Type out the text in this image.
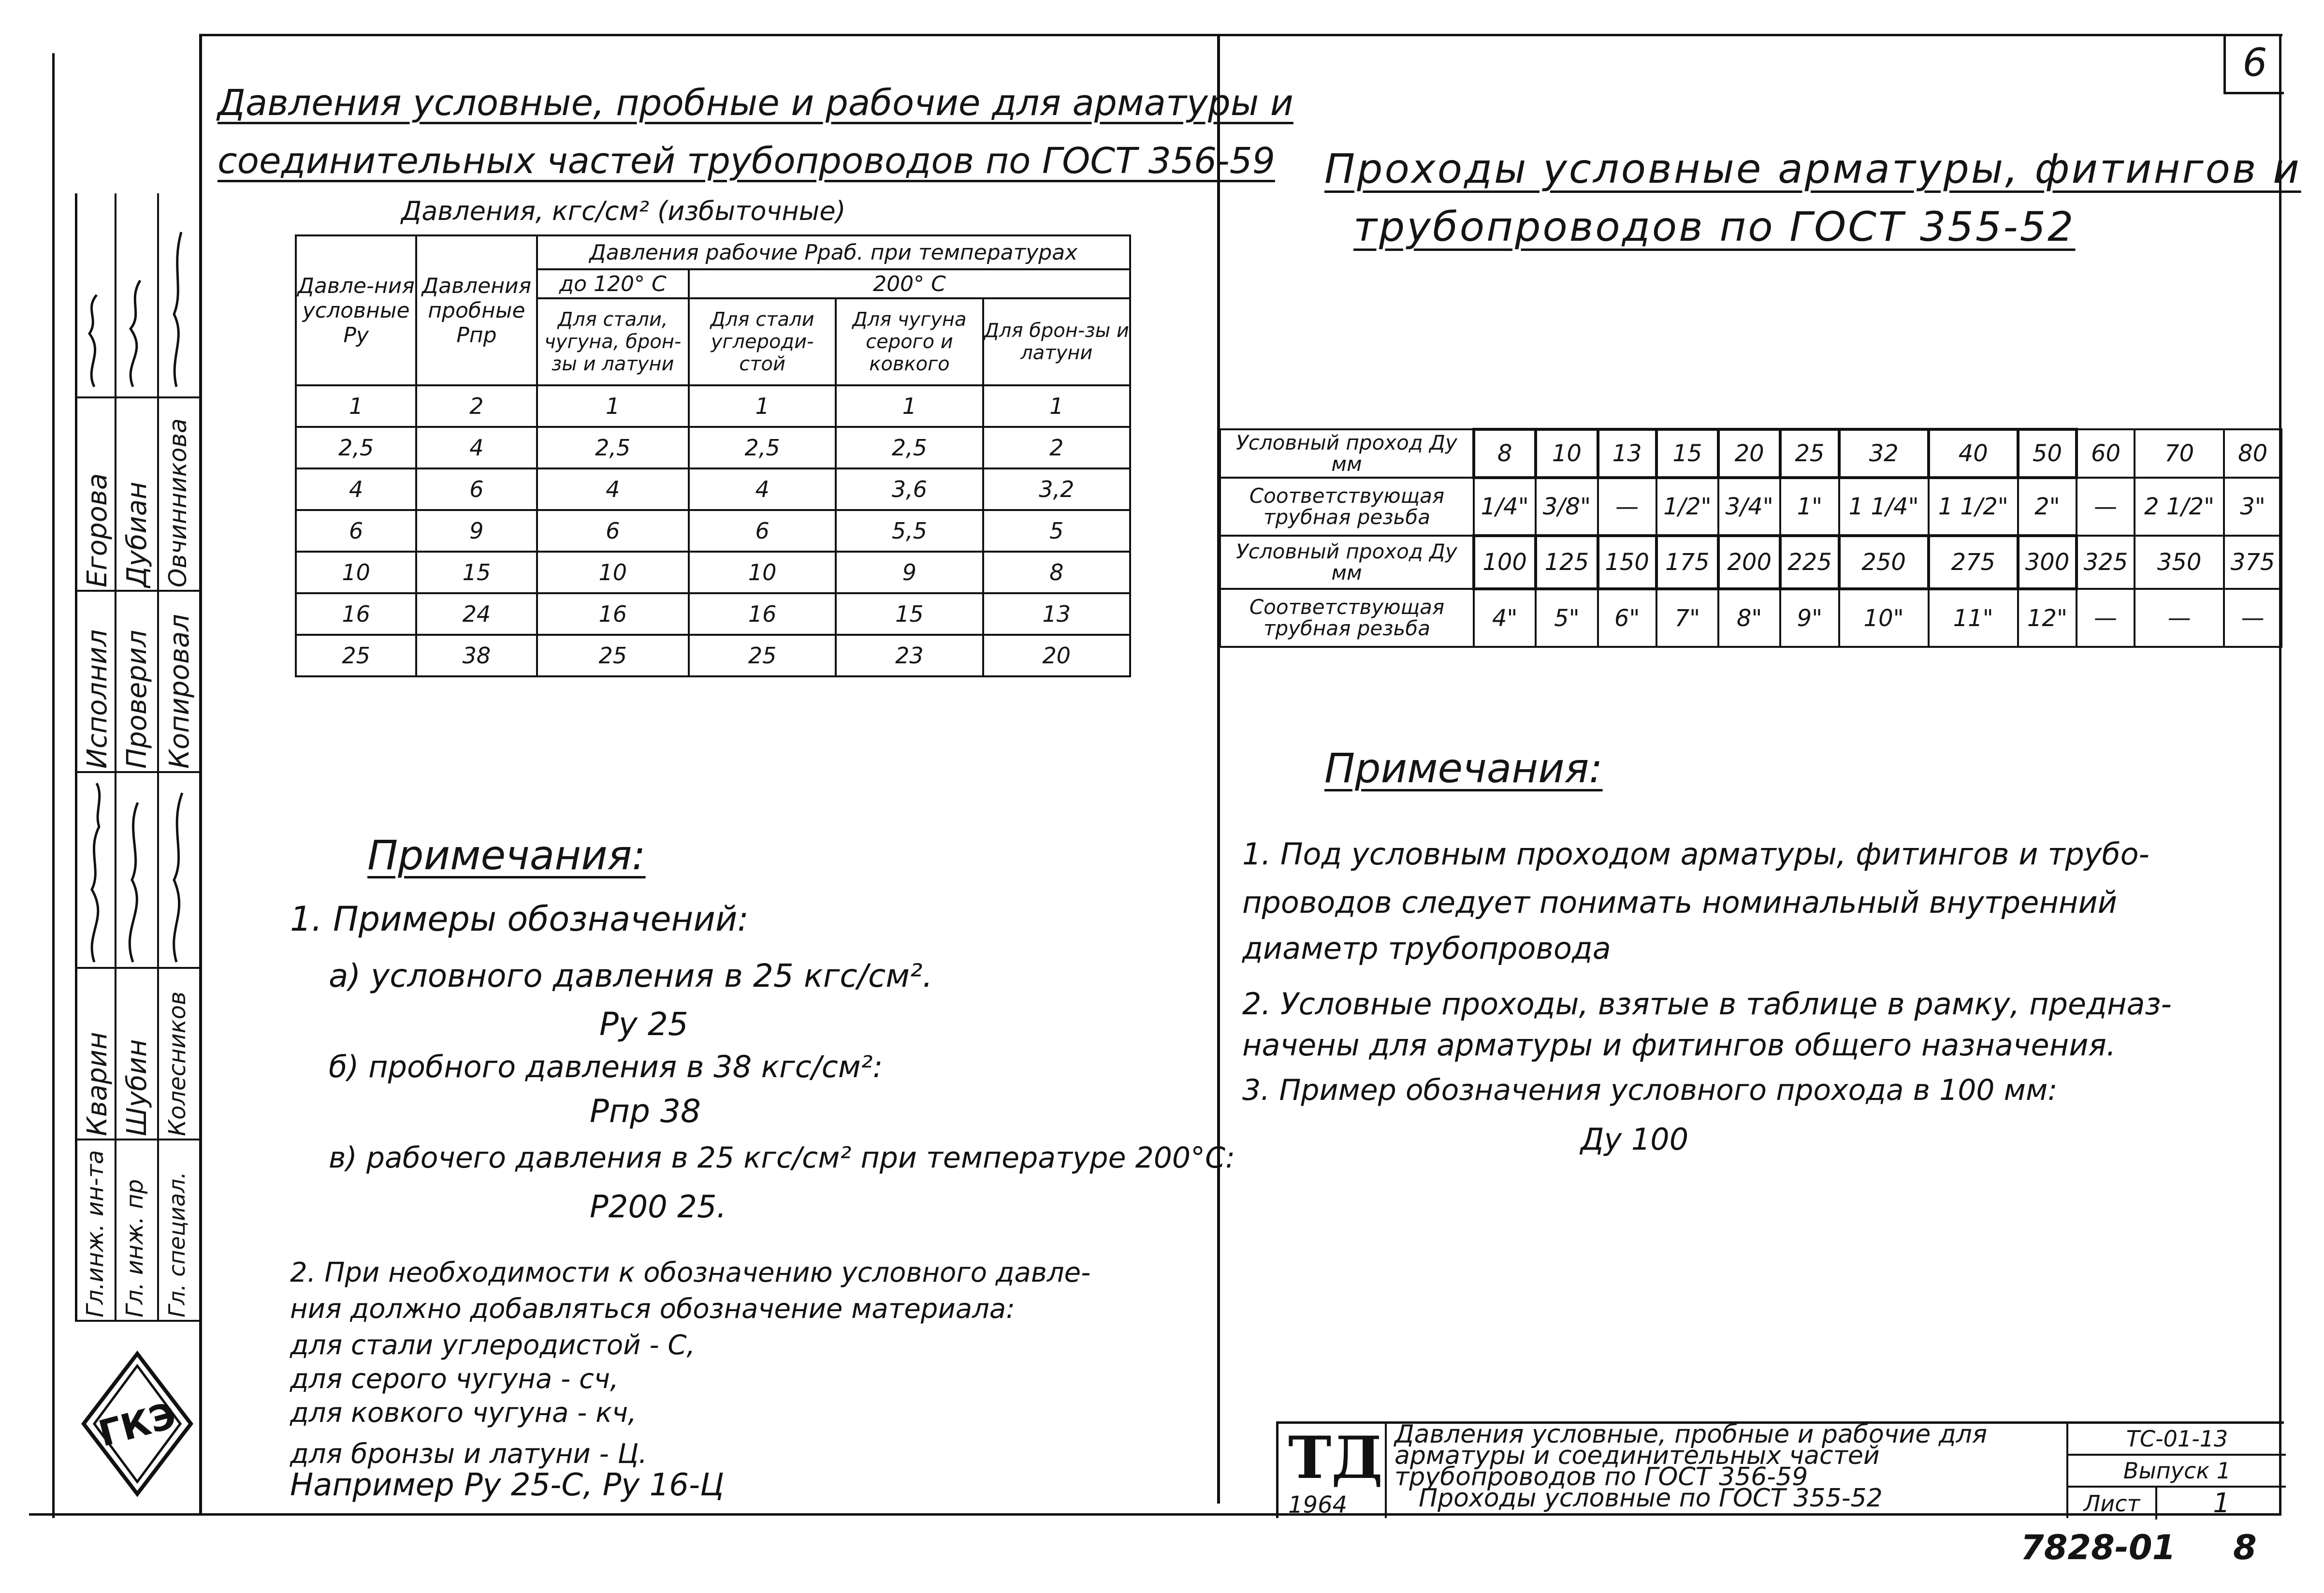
6
Егорова Дубиан Овчинникова
Исполнил Проверил Копировал
Кварин Шубин Колесников
Гл.инж. ин-та Гл. инж. пр Гл. специал.
ГКЭ
Давления условные, пробные и рабочие для арматуры и
соединительных частей трубопроводов по ГОСТ 356-59
Давления, кгс/см² (избыточные)
Давле-ния условные Ру	Давления пробные Рпр	Давления рабочие Рраб. при температурах			
		до 120° С	200° С		
		Для стали, чугуна, брон-зы и латуни	Для стали углероди-стой	Для чугуна серого и ковкого	Для брон-зы и латуни
1	2	1	1	1	1
2,5	4	2,5	2,5	2,5	2
4	6	4	4	3,6	3,2
6	9	6	6	5,5	5
10	15	10	10	9	8
16	24	16	16	15	13
25	38	25	25	23	20
Примечания:
1. Примеры обозначений:
а) условного давления в 25 кгс/см².
Ру 25
б) пробного давления в 38 кгс/см²:
Рпр 38
в) рабочего давления в 25 кгс/см² при температуре 200°С:
Р200 25.
2. При необходимости к обозначению условного давле-
ния должно добавляться обозначение материала:
для стали углеродистой - С,
для серого чугуна - сч,
для ковкого чугуна - кч,
для бронзы и латуни - Ц.
Например Ру 25-С, Ру 16-Ц
Проходы условные арматуры, фитингов и
трубопроводов по ГОСТ 355-52
Условный проход Ду мм	8	10	13	15	20	25	32	40	50	60	70	80
Соответствующая трубная резьба	1/4"	3/8"	—	1/2"	3/4"	1"	1 1/4"	1 1/2"	2"	—	2 1/2"	3"
Условный проход Ду мм	100	125	150	175	200	225	250	275	300	325	350	375
Соответствующая трубная резьба	4"	5"	6"	7"	8"	9"	10"	11"	12"	—	—	—
Примечания:
1. Под условным проходом арматуры, фитингов и трубо-
проводов следует понимать номинальный внутренний
диаметр трубопровода
2. Условные проходы, взятые в таблице в рамку, предназ-
начены для арматуры и фитингов общего назначения.
3. Пример обозначения условного прохода в 100 мм:
Ду 100
ТД
1964
Давления условные, пробные и рабочие для
арматуры и соединительных частей
трубопроводов по ГОСТ 356-59
Проходы условные по ГОСТ 355-52
ТС-01-13
Выпуск 1
Лист	1
7828-01 8
